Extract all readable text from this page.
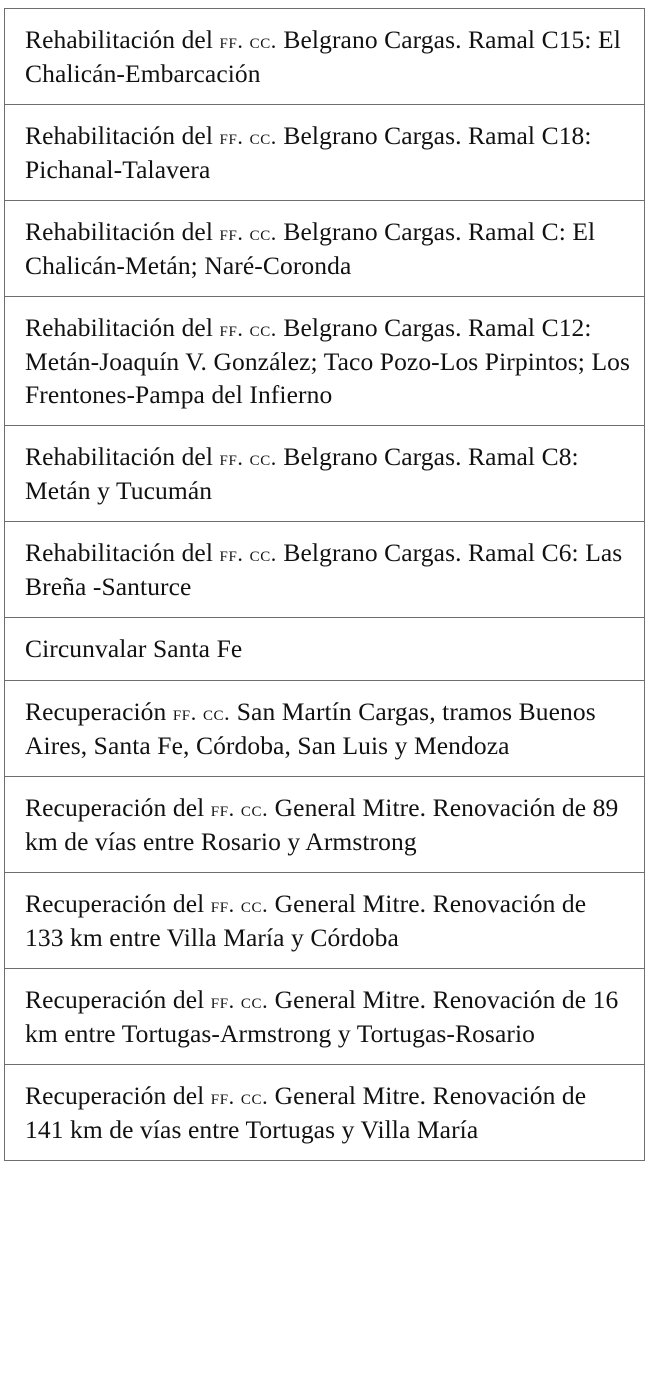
Rehabilitación del ff. cc. Belgrano Cargas. Ramal C15: El Chalicán-Embarcación
Rehabilitación del ff. cc. Belgrano Cargas. Ramal C18: Pichanal-Talavera
Rehabilitación del ff. cc. Belgrano Cargas. Ramal C: El Chalicán-Metán; Naré-Coronda
Rehabilitación del ff. cc. Belgrano Cargas. Ramal C12: Metán-Joaquín V. González; Taco Pozo-Los Pirpintos; Los Frentones-Pampa del Infierno
Rehabilitación del ff. cc. Belgrano Cargas. Ramal C8: Metán y Tucumán
Rehabilitación del ff. cc. Belgrano Cargas. Ramal C6: Las Breña -Santurce
Circunvalar Santa Fe
Recuperación ff. cc. San Martín Cargas, tramos Buenos Aires, Santa Fe, Córdoba, San Luis y Mendoza
Recuperación del ff. cc. General Mitre. Renovación de 89 km de vías entre Rosario y Armstrong
Recuperación del ff. cc. General Mitre. Renovación de 133 km entre Villa María y Córdoba
Recuperación del ff. cc. General Mitre. Renovación de 16 km entre Tortugas-Armstrong y Tortugas-Rosario
Recuperación del ff. cc. General Mitre. Renovación de 141 km de vías entre Tortugas y Villa María
